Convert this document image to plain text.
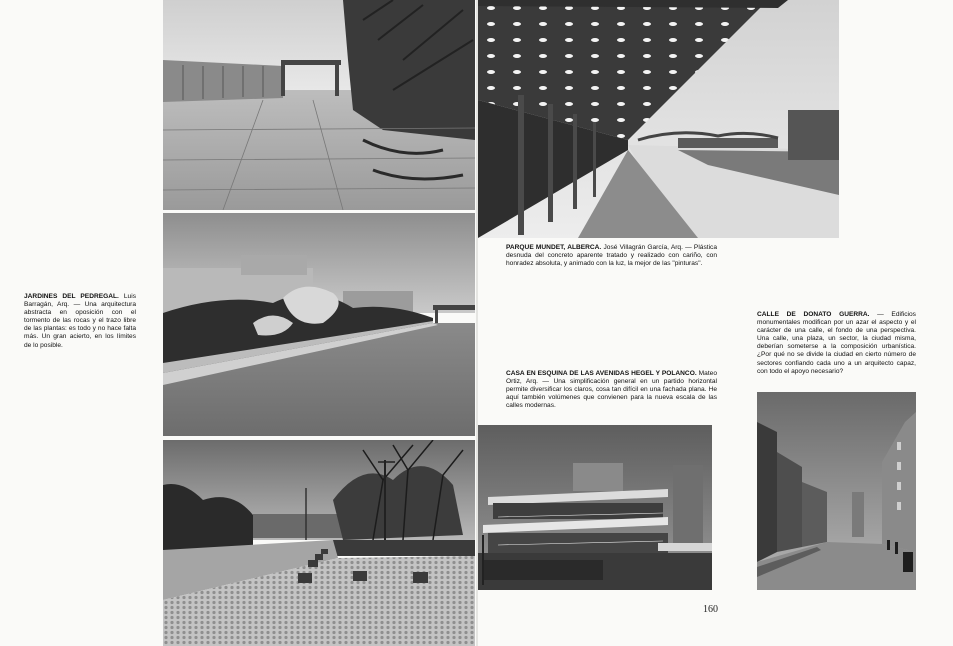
JARDINES DEL PEDREGAL. Luis Barragán, Arq. — Una arquitectura abstracta en oposición con el tormento de las rocas y el trazo libre de las plantas: es todo y no hace falta más. Un gran acierto, en los límites de lo posible.
PARQUE MUNDET, ALBERCA. José Villagrán García, Arq. — Plástica desnuda del concreto aparente tratado y realizado con cariño, con honradez absoluta, y animado con la luz, la mejor de las "pinturas".
CASA EN ESQUINA DE LAS AVENIDAS HEGEL Y POLANCO. Mateo Ortiz, Arq. — Una simplificación general en un partido horizontal permite diversificar los claros, cosa tan difícil en una fachada plana. He aquí también volúmenes que convienen para la nueva escala de las calles modernas.
CALLE DE DONATO GUERRA. — Edificios monumentales modifican por un azar el aspecto y el carácter de una calle, el fondo de una perspectiva. Una calle, una plaza, un sector, la ciudad misma, deberían someterse a la composición urbanística. ¿Por qué no se divide la ciudad en cierto número de sectores confiando cada uno a un arquitecto capaz, con todo el apoyo necesario?
160
